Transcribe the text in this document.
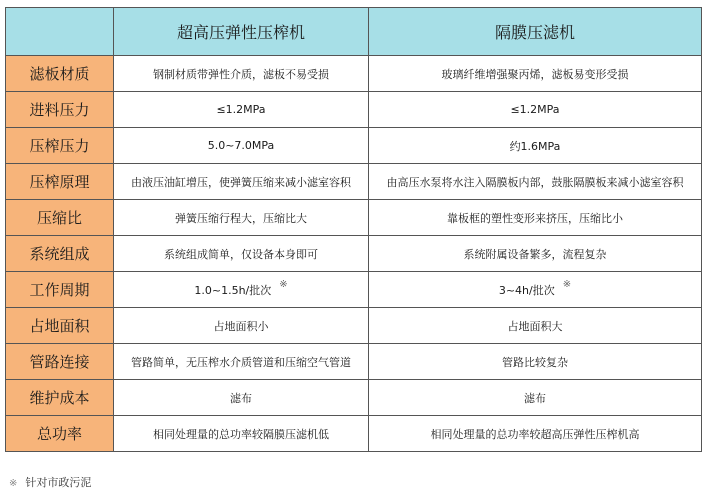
	超高压弹性压榨机	隔膜压滤机
滤板材质	钢制材质带弹性介质，滤板不易受损	玻璃纤维增强聚丙烯，滤板易变形受损
进料压力	≤1.2MPa	≤1.2MPa
压榨压力	5.0~7.0MPa	约1.6MPa
压榨原理	由液压油缸增压，使弹簧压缩来减小滤室容积	由高压水泵将水注入隔膜板内部，鼓胀隔膜板来减小滤室容积
压缩比	弹簧压缩行程大，压缩比大	靠板框的塑性变形来挤压，压缩比小
系统组成	系统组成简单，仅设备本身即可	系统附属设备繁多，流程复杂
工作周期	1.0~1.5h/批次 ※	3~4h/批次 ※
占地面积	占地面积小	占地面积大
管路连接	管路简单，无压榨水介质管道和压缩空气管道	管路比较复杂
维护成本	滤布	滤布
总功率	相同处理量的总功率较隔膜压滤机低	相同处理量的总功率较超高压弹性压榨机高
※ 针对市政污泥
